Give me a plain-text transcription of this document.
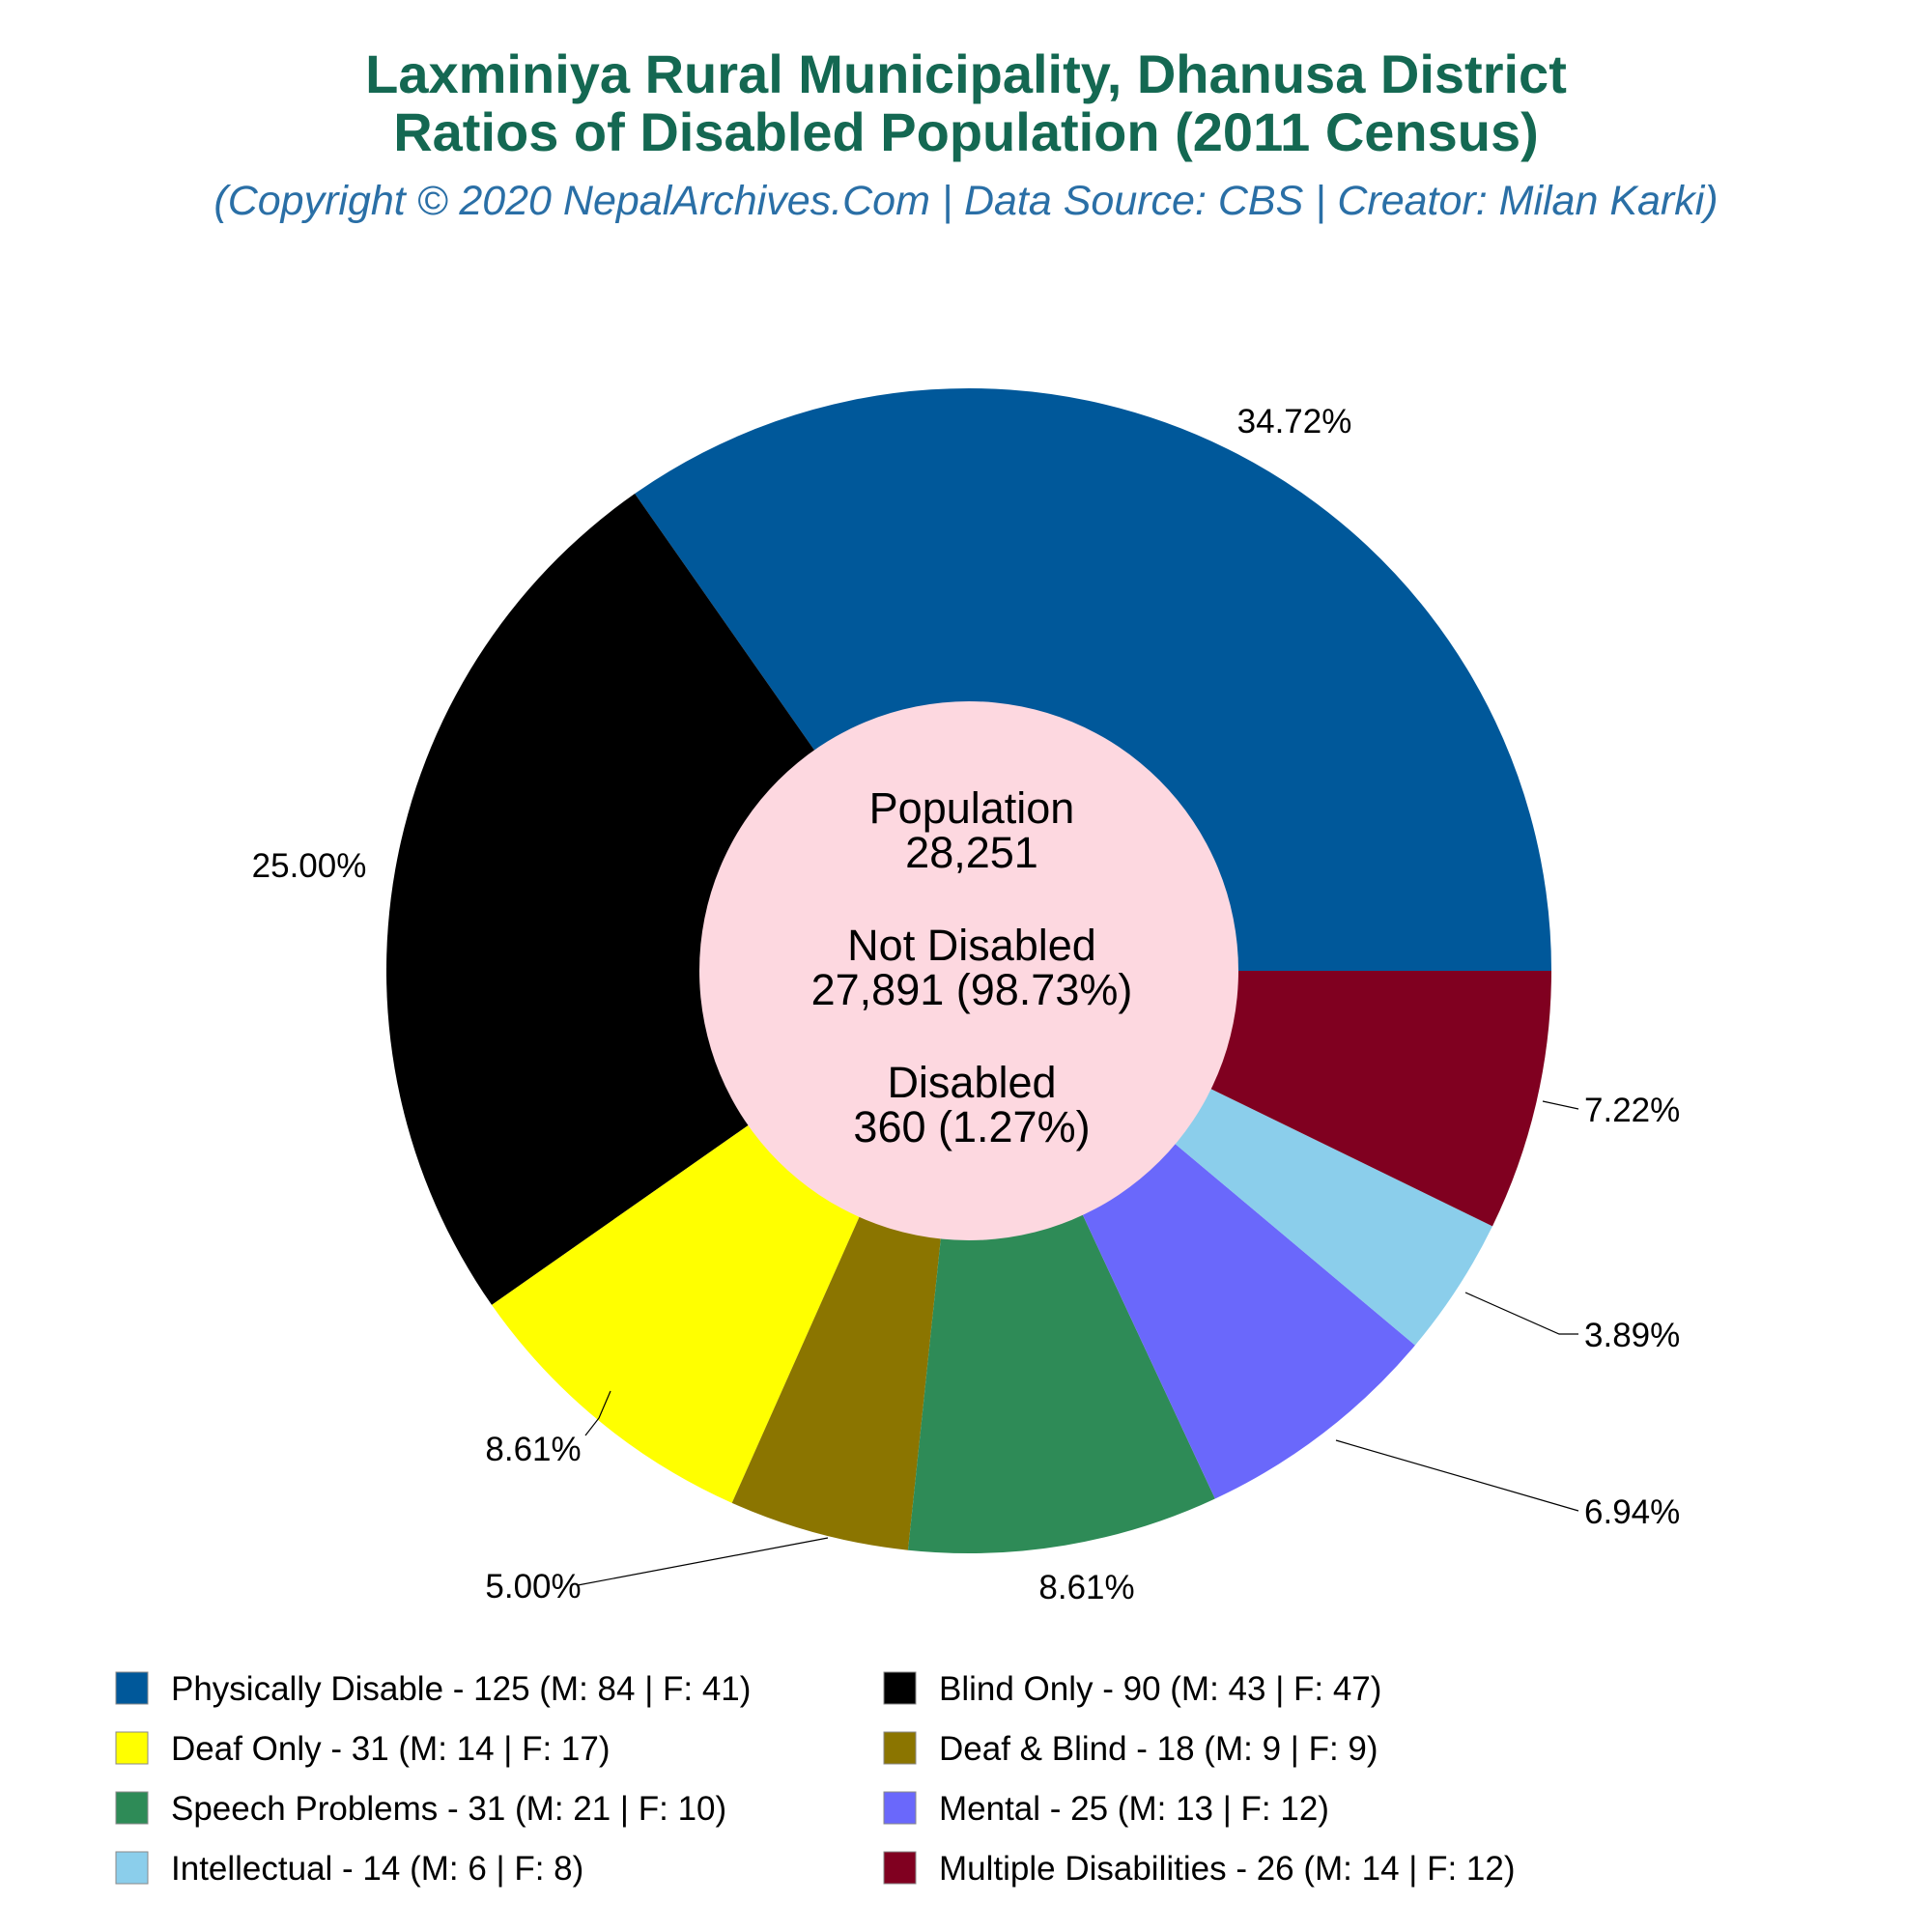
Laxminiya Rural Municipality, Dhanusa District
Ratios of Disabled Population (2011 Census)
(Copyright © 2020 NepalArchives.Com | Data Source: CBS | Creator: Milan Karki)
34.72%
25.00%
8.61%
5.00%	8.61%
6.94%
3.89%
7.22%
Population
28,251
Not Disabled
27,891 (98.73%)
Disabled
360 (1.27%)
Physically Disable - 125 (M: 84 | F: 41)	Blind Only - 90 (M: 43 | F: 47)
Deaf Only - 31 (M: 14 | F: 17)	Deaf & Blind - 18 (M: 9 | F: 9)
Speech Problems - 31 (M: 21 | F: 10)	Mental - 25 (M: 13 | F: 12)
Intellectual - 14 (M: 6 | F: 8)	Multiple Disabilities - 26 (M: 14 | F: 12)
